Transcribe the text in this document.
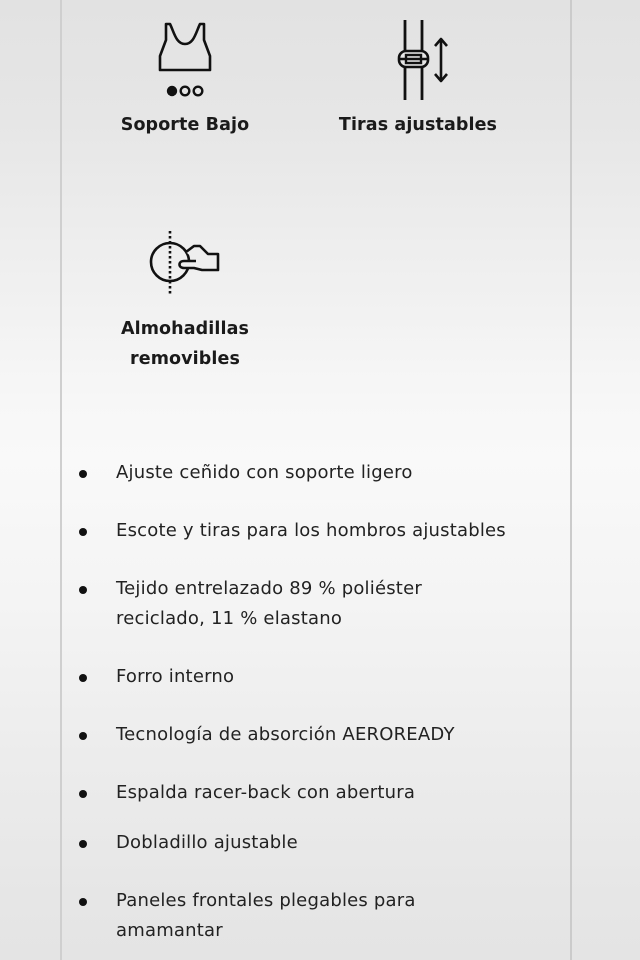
Soporte Bajo	Tiras ajustables
Almohadillas
removibles
Ajuste ceñido con soporte ligero
Escote y tiras para los hombros ajustables
Tejido entrelazado 89 % poliéster
reciclado, 11 % elastano
Forro interno
Tecnología de absorción AEROREADY
Espalda racer-back con abertura
Dobladillo ajustable
Paneles frontales plegables para
amamantar
